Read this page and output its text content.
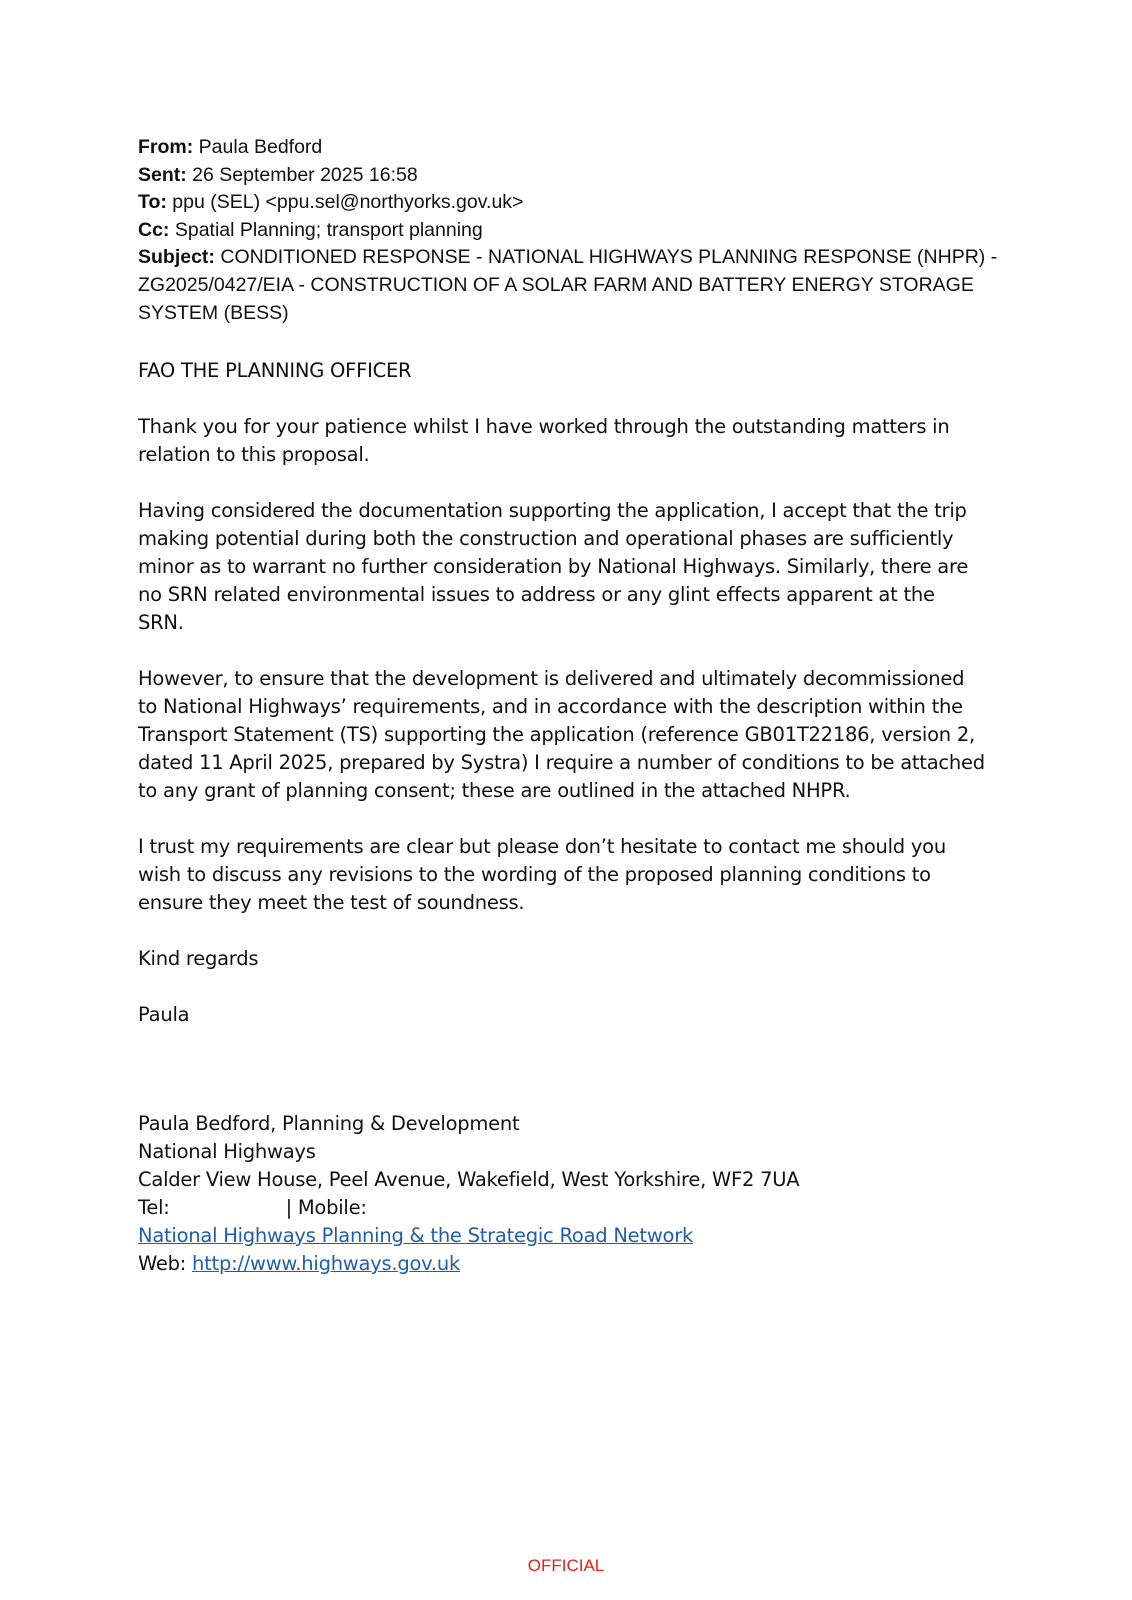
From: Paula Bedford

Sent: 26 September 2025 16:58

To: ppu (SEL) <ppu.sel@northyorks.gov.uk>

Cc: Spatial Planning; transport planning

Subject: CONDITIONED RESPONSE - NATIONAL HIGHWAYS PLANNING RESPONSE (NHPR) -

ZG2025/0427/EIA - CONSTRUCTION OF A SOLAR FARM AND BATTERY ENERGY STORAGE

SYSTEM (BESS)

FAO THE PLANNING OFFICER

Thank you for your patience whilst I have worked through the outstanding matters in

relation to this proposal.

Having considered the documentation supporting the application, I accept that the trip

making potential during both the construction and operational phases are sufficiently

minor as to warrant no further consideration by National Highways. Similarly, there are

no SRN related environmental issues to address or any glint effects apparent at the

SRN.

However, to ensure that the development is delivered and ultimately decommissioned

to National Highways’ requirements, and in accordance with the description within the

Transport Statement (TS) supporting the application (reference GB01T22186, version 2,

dated 11 April 2025, prepared by Systra) I require a number of conditions to be attached

to any grant of planning consent; these are outlined in the attached NHPR.

I trust my requirements are clear but please don’t hesitate to contact me should you

wish to discuss any revisions to the wording of the proposed planning conditions to

ensure they meet the test of soundness.

Kind regards

Paula

Paula Bedford, Planning & Development

National Highways

Calder View House, Peel Avenue, Wakefield, West Yorkshire, WF2 7UA

Tel:	| Mobile:

National Highways Planning & the Strategic Road Network

Web: http://www.highways.gov.uk

OFFICIAL
